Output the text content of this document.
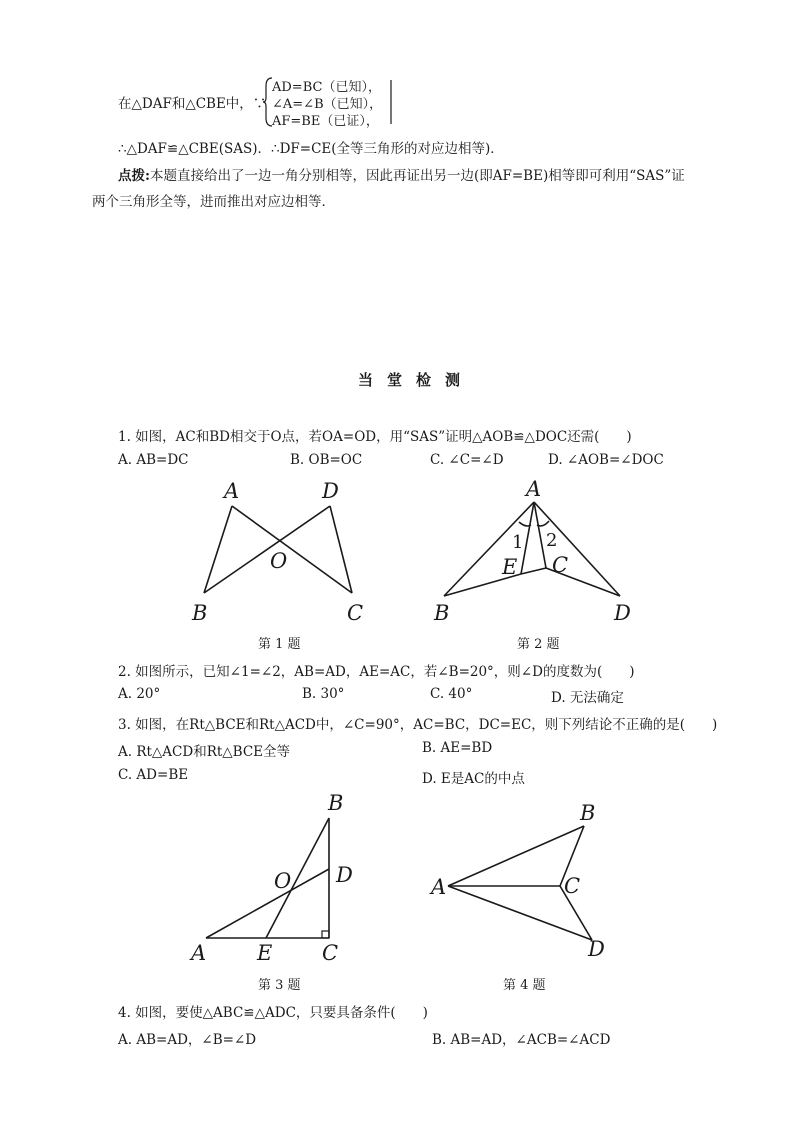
在△DAF和△CBE中，∵
AD=BC（已知），
∠A=∠B（已知），
AF=BE（已证），
∴△DAF≌△CBE(SAS)．∴DF=CE(全等三角形的对应边相等)．
点拨:本题直接给出了一边一角分别相等，因此再证出另一边(即AF=BE)相等即可利用“SAS”证
两个三角形全等，进而推出对应边相等．
当堂检测
1. 如图，AC和BD相交于O点，若OA=OD，用“SAS”证明△AOB≌△DOC还需(　　)
A. AB=DC	B. OB=OC	C. ∠C=∠D	D. ∠AOB=∠DOC
A	D
O
B	C
第 1 题
A
1 2
E C
B	D
第 2 题
2. 如图所示，已知∠1=∠2，AB=AD，AE=AC，若∠B=20°，则∠D的度数为(　　)
A. 20°	B. 30°	C. 40°	D. 无法确定
3. 如图，在Rt△BCE和Rt△ACD中，∠C=90°，AC=BC，DC=EC，则下列结论不正确的是(　　)
A. Rt△ACD和Rt△BCE全等	B. AE=BD
C. AD=BE	D. E是AC的中点
B
O D
A E C
第 3 题
B
A	C
D
第 4 题
4. 如图，要使△ABC≌△ADC，只要具备条件(　　)
A. AB=AD，∠B=∠D	B. AB=AD，∠ACB=∠ACD
